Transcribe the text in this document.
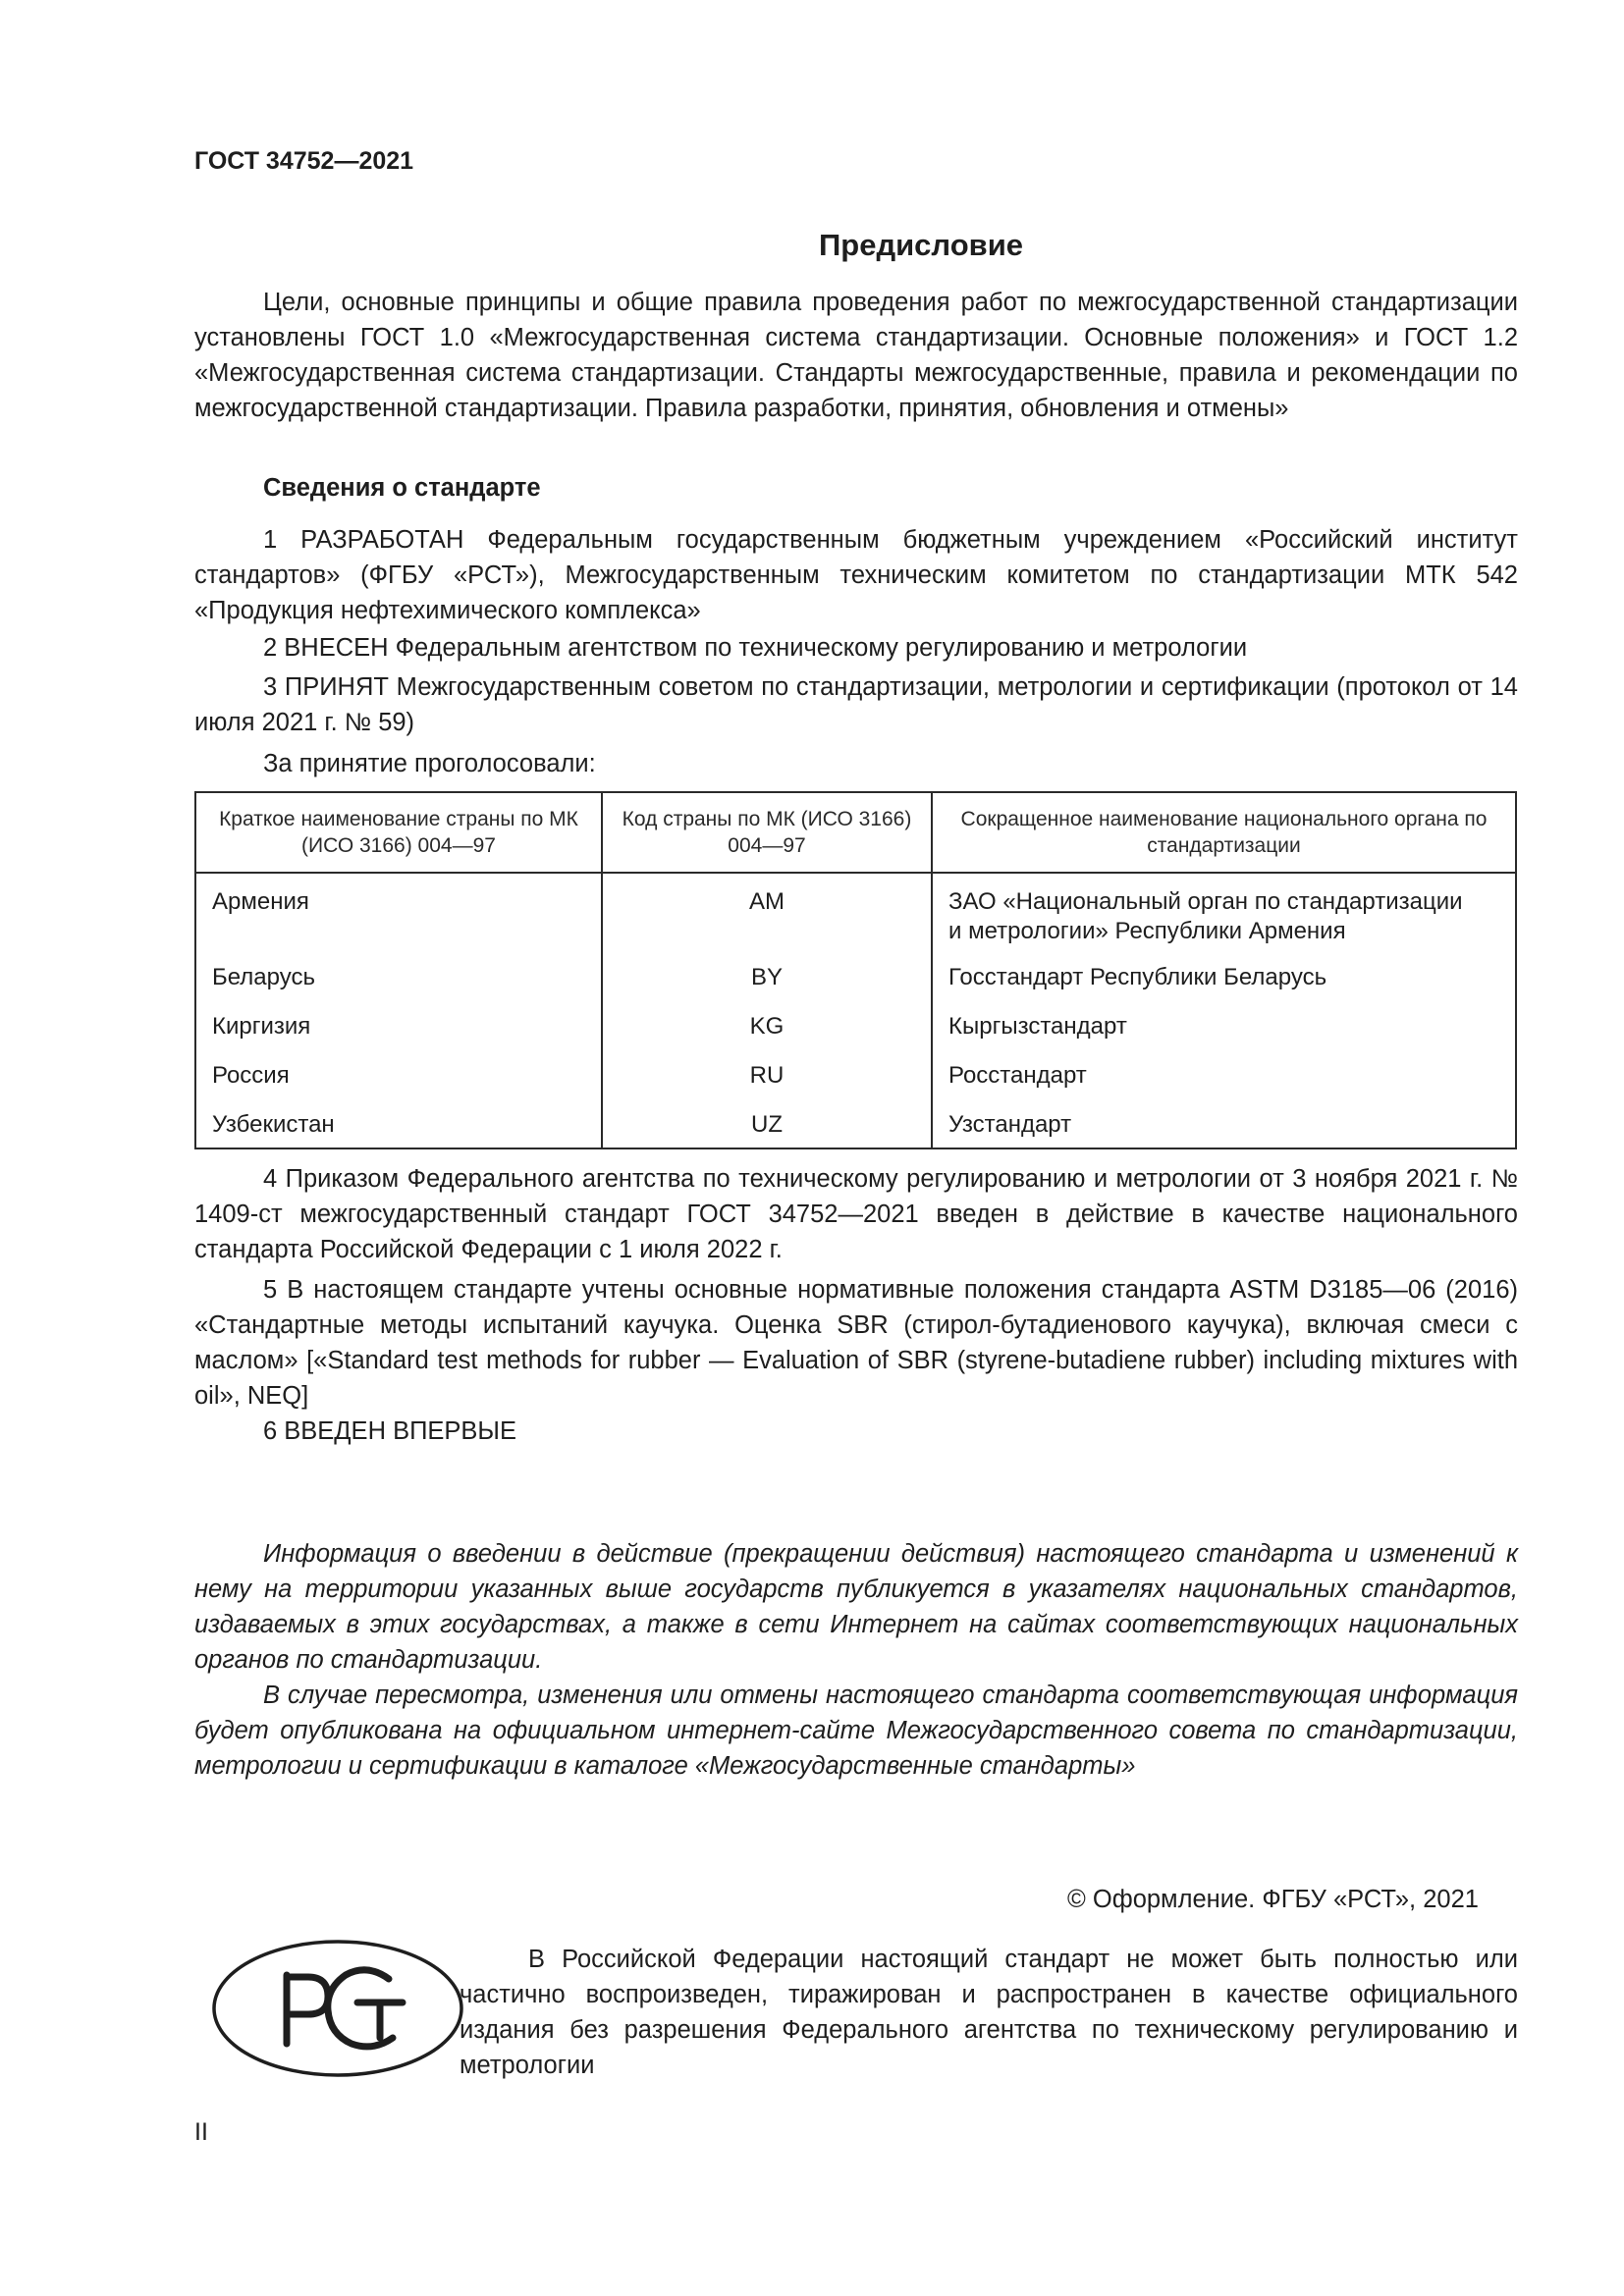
ГОСТ 34752—2021
Предисловие
Цели, основные принципы и общие правила проведения работ по межгосударственной стандартизации установлены ГОСТ 1.0 «Межгосударственная система стандартизации. Основные положения» и ГОСТ 1.2 «Межгосударственная система стандартизации. Стандарты межгосударственные, правила и рекомендации по межгосударственной стандартизации. Правила разработки, принятия, обновления и отмены»
Сведения о стандарте
1 РАЗРАБОТАН Федеральным государственным бюджетным учреждением «Российский институт стандартов» (ФГБУ «РСТ»), Межгосударственным техническим комитетом по стандартизации МТК 542 «Продукция нефтехимического комплекса»
2 ВНЕСЕН Федеральным агентством по техническому регулированию и метрологии
3 ПРИНЯТ Межгосударственным советом по стандартизации, метрологии и сертификации (протокол от 14 июля 2021 г. № 59)
За принятие проголосовали:
Краткое наименование страны по МК (ИСО 3166) 004—97	Код страны по МК (ИСО 3166) 004—97	Сокращенное наименование национального органа по стандартизации
Армения	AM	ЗАО «Национальный орган по стандартизации
и метрологии» Республики Армения

Беларусь	BY	Госстандарт Республики Беларусь
Киргизия	KG	Кыргызстандарт
Россия	RU	Росстандарт
Узбекистан	UZ	Узстандарт
4 Приказом Федерального агентства по техническому регулированию и метрологии от 3 ноября 2021 г. № 1409-ст межгосударственный стандарт ГОСТ 34752—2021 введен в действие в качестве национального стандарта Российской Федерации с 1 июля 2022 г.
5 В настоящем стандарте учтены основные нормативные положения стандарта ASTM D3185—06 (2016) «Стандартные методы испытаний каучука. Оценка SBR (стирол-бутадиенового каучука), включая смеси с маслом» [«Standard test methods for rubber — Evaluation of SBR (styrene-butadiene rubber) including mixtures with oil», NEQ]
6 ВВЕДЕН ВПЕРВЫЕ

Информация о введении в действие (прекращении действия) настоящего стандарта и изменений к нему на территории указанных выше государств публикуется в указателях национальных стандартов, издаваемых в этих государствах, а также в сети Интернет на сайтах соответствующих национальных органов по стандартизации.

В случае пересмотра, изменения или отмены настоящего стандарта соответствующая информация будет опубликована на официальном интернет-сайте Межгосударственного совета по стандартизации, метрологии и сертификации в каталоге «Межгосударственные стандарты»

© Оформление. ФГБУ «РСТ», 2021
В Российской Федерации настоящий стандарт не может быть полностью или частично воспроизведен, тиражирован и распространен в качестве официального издания без разрешения Федерального агентства по техническому регулированию и метрологии
II
